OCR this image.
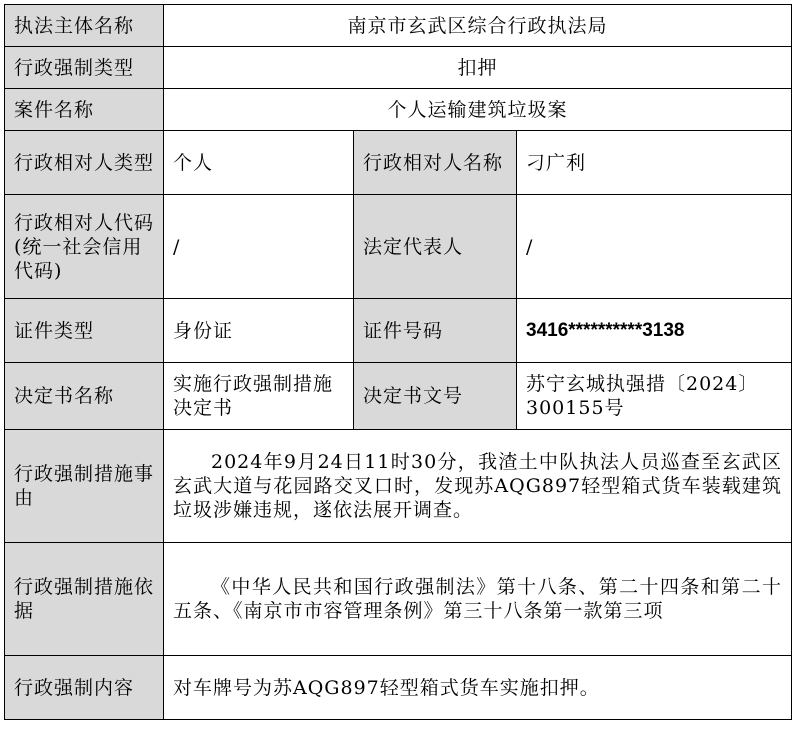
执法主体名称	南京市玄武区综合行政执法局		
行政强制类型	扣押		
案件名称	个人运输建筑垃圾案		
行政相对人类型	个人	行政相对人名称	刁广利
行政相对人代码(统一社会信用代码)	/	法定代表人	/
证件类型	身份证	证件号码	3416**********3138
决定书名称	实施行政强制措施决定书	决定书文号	苏宁玄城执强措〔2024〕300155号
行政强制措施事由	2024年9月24日11时30分，我渣土中队执法人员巡查至玄武区玄武大道与花园路交叉口时，发现苏AQG897轻型箱式货车装载建筑垃圾涉嫌违规，遂依法展开调查。		
行政强制措施依据	《中华人民共和国行政强制法》第十八条、第二十四条和第二十五条、《南京市市容管理条例》第三十八条第一款第三项		
行政强制内容	对车牌号为苏AQG897轻型箱式货车实施扣押。		
